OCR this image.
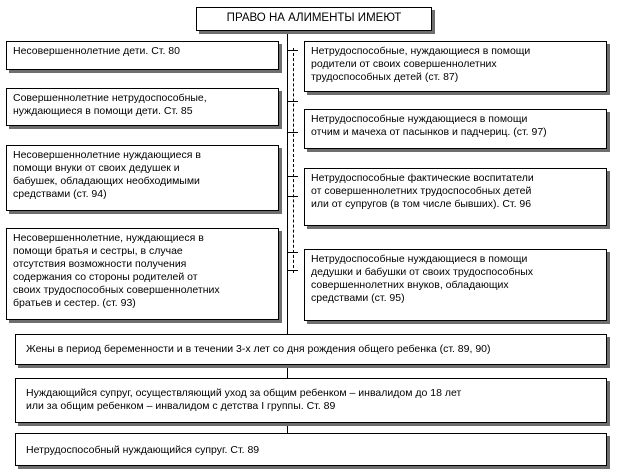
ПРАВО НА АЛИМЕНТЫ ИМЕЮТ
Несовершеннолетние дети. Ст. 80
Совершеннолетние нетрудоспособные,
нуждающиеся в помощи дети. Ст. 85
Несовершеннолетние нуждающиеся в
помощи внуки от своих дедушек и
бабушек, обладающих необходимыми
средствами (ст. 94)
Несовершеннолетние, нуждающиеся в
помощи братья и сестры, в случае
отсутствия возможности получения
содержания со стороны родителей от
своих трудоспособных совершеннолетних
братьев и сестер. (ст. 93)
Нетрудоспособные, нуждающиеся в помощи
родители от своих совершеннолетних
трудоспособных детей (ст. 87)
Нетрудоспособные нуждающиеся в помощи
отчим и мачеха от пасынков и падчериц. (ст. 97)
Нетрудоспособные фактические воспитатели
от совершеннолетних трудоспособных детей
или от супругов (в том числе бывших). Ст. 96
Нетрудоспособные нуждающиеся в помощи
дедушки и бабушки от своих трудоспособных
совершеннолетних внуков, обладающих
средствами (ст. 95)
Жены в период беременности и в течении 3-х лет со дня рождения общего ребенка (ст. 89, 90)
Нуждающийся супруг, осуществляющий уход за общим ребенком – инвалидом до 18 лет
или за общим ребенком – инвалидом с детства I группы. Ст. 89
Нетрудоспособный нуждающийся супруг. Ст. 89
